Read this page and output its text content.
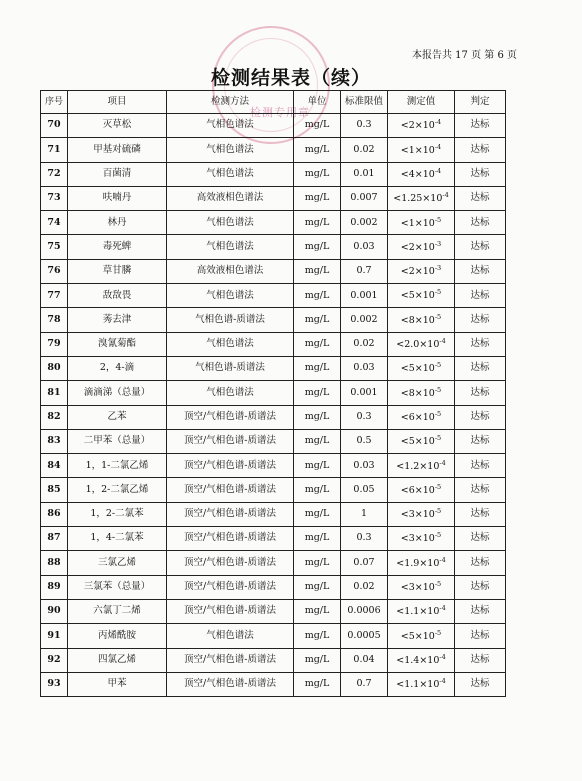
本报告共 17 页 第 6 页
检测专用章
检测结果表（续）
序号	项目	检测方法	单位	标准限值	测定值	判定
70	灭草松	气相色谱法	mg/L	0.3	$<2\times 10^{-4}$	达标
71	甲基对硫磷	气相色谱法	mg/L	0.02	$<1\times 10^{-4}$	达标
72	百菌清	气相色谱法	mg/L	0.01	$<4\times 10^{-4}$	达标
73	呋喃丹	高效液相色谱法	mg/L	0.007	$<1.25\times 10^{-4}$	达标
74	林丹	气相色谱法	mg/L	0.002	$<1\times 10^{-5}$	达标
75	毒死蜱	气相色谱法	mg/L	0.03	$<2\times 10^{-3}$	达标
76	草甘膦	高效液相色谱法	mg/L	0.7	$<2\times 10^{-3}$	达标
77	敌敌畏	气相色谱法	mg/L	0.001	$<5\times 10^{-5}$	达标
78	莠去津	气相色谱-质谱法	mg/L	0.002	$<8\times 10^{-5}$	达标
79	溴氰菊酯	气相色谱法	mg/L	0.02	$<2.0\times 10^{-4}$	达标
80	2，4-滴	气相色谱-质谱法	mg/L	0.03	$<5\times 10^{-5}$	达标
81	滴滴涕（总量）	气相色谱法	mg/L	0.001	$<8\times 10^{-5}$	达标
82	乙苯	顶空/气相色谱-质谱法	mg/L	0.3	$<6\times 10^{-5}$	达标
83	二甲苯（总量）	顶空/气相色谱-质谱法	mg/L	0.5	$<5\times 10^{-5}$	达标
84	1，1-二氯乙烯	顶空/气相色谱-质谱法	mg/L	0.03	$<1.2\times 10^{-4}$	达标
85	1，2-二氯乙烯	顶空/气相色谱-质谱法	mg/L	0.05	$<6\times 10^{-5}$	达标
86	1，2-二氯苯	顶空/气相色谱-质谱法	mg/L	1	$<3\times 10^{-5}$	达标
87	1，4-二氯苯	顶空/气相色谱-质谱法	mg/L	0.3	$<3\times 10^{-5}$	达标
88	三氯乙烯	顶空/气相色谱-质谱法	mg/L	0.07	$<1.9\times 10^{-4}$	达标
89	三氯苯（总量）	顶空/气相色谱-质谱法	mg/L	0.02	$<3\times 10^{-5}$	达标
90	六氯丁二烯	顶空/气相色谱-质谱法	mg/L	0.0006	$<1.1\times 10^{-4}$	达标
91	丙烯酰胺	气相色谱法	mg/L	0.0005	$<5\times 10^{-5}$	达标
92	四氯乙烯	顶空/气相色谱-质谱法	mg/L	0.04	$<1.4\times 10^{-4}$	达标
93	甲苯	顶空/气相色谱-质谱法	mg/L	0.7	$<1.1\times 10^{-4}$	达标
